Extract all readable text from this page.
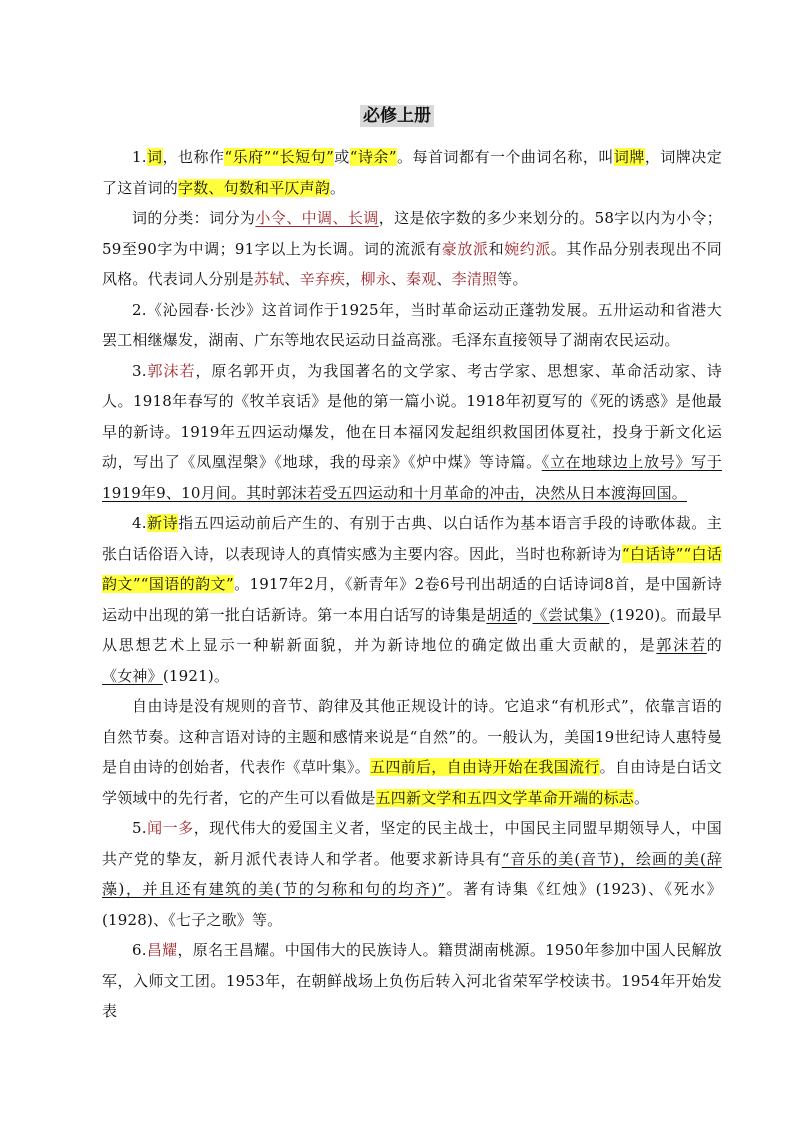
必修上册

1.词，也称作“乐府”“长短句”或“诗余”。每首词都有一个曲词名称，叫词牌，词牌决定了这首词的字数、句数和平仄声韵。

词的分类：词分为小令、中调、长调，这是依字数的多少来划分的。58字以内为小令；59至90字为中调；91字以上为长调。词的流派有豪放派和婉约派。其作品分别表现出不同风格。代表词人分别是苏轼、辛弃疾，柳永、秦观、李清照等。

2.《沁园春·长沙》这首词作于1925年，当时革命运动正蓬勃发展。五卅运动和省港大罢工相继爆发，湖南、广东等地农民运动日益高涨。毛泽东直接领导了湖南农民运动。

3.郭沫若，原名郭开贞，为我国著名的文学家、考古学家、思想家、革命活动家、诗人。1918年春写的《牧羊哀话》是他的第一篇小说。1918年初夏写的《死的诱惑》是他最早的新诗。1919年五四运动爆发，他在日本福冈发起组织救国团体夏社，投身于新文化运动，写出了《凤凰涅槃》《地球，我的母亲》《炉中煤》等诗篇。《立在地球边上放号》写于1919年9、10月间。其时郭沫若受五四运动和十月革命的冲击，决然从日本渡海回国。

4.新诗指五四运动前后产生的、有别于古典、以白话作为基本语言手段的诗歌体裁。主张白话俗语入诗，以表现诗人的真情实感为主要内容。因此，当时也称新诗为“白话诗”“白话韵文”“国语的韵文”。1917年2月，《新青年》2卷6号刊出胡适的白话诗词8首，是中国新诗运动中出现的第一批白话新诗。第一本用白话写的诗集是胡适的《尝试集》(1920)。而最早从思想艺术上显示一种崭新面貌，并为新诗地位的确定做出重大贡献的，是郭沫若的《女神》(1921)。

自由诗是没有规则的音节、韵律及其他正规设计的诗。它追求“有机形式”，依靠言语的自然节奏。这种言语对诗的主题和感情来说是“自然”的。一般认为，美国19世纪诗人惠特曼是自由诗的创始者，代表作《草叶集》。五四前后，自由诗开始在我国流行。自由诗是白话文学领域中的先行者，它的产生可以看做是五四新文学和五四文学革命开端的标志。

5.闻一多，现代伟大的爱国主义者，坚定的民主战士，中国民主同盟早期领导人，中国共产党的挚友，新月派代表诗人和学者。他要求新诗具有“音乐的美(音节)，绘画的美(辞藻)，并且还有建筑的美(节的匀称和句的均齐)”。著有诗集《红烛》(1923)、《死水》(1928)、《七子之歌》等。

6.昌耀，原名王昌耀。中国伟大的民族诗人。籍贯湖南桃源。1950年参加中国人民解放军，入师文工团。1953年，在朝鲜战场上负伤后转入河北省荣军学校读书。1954年开始发表
